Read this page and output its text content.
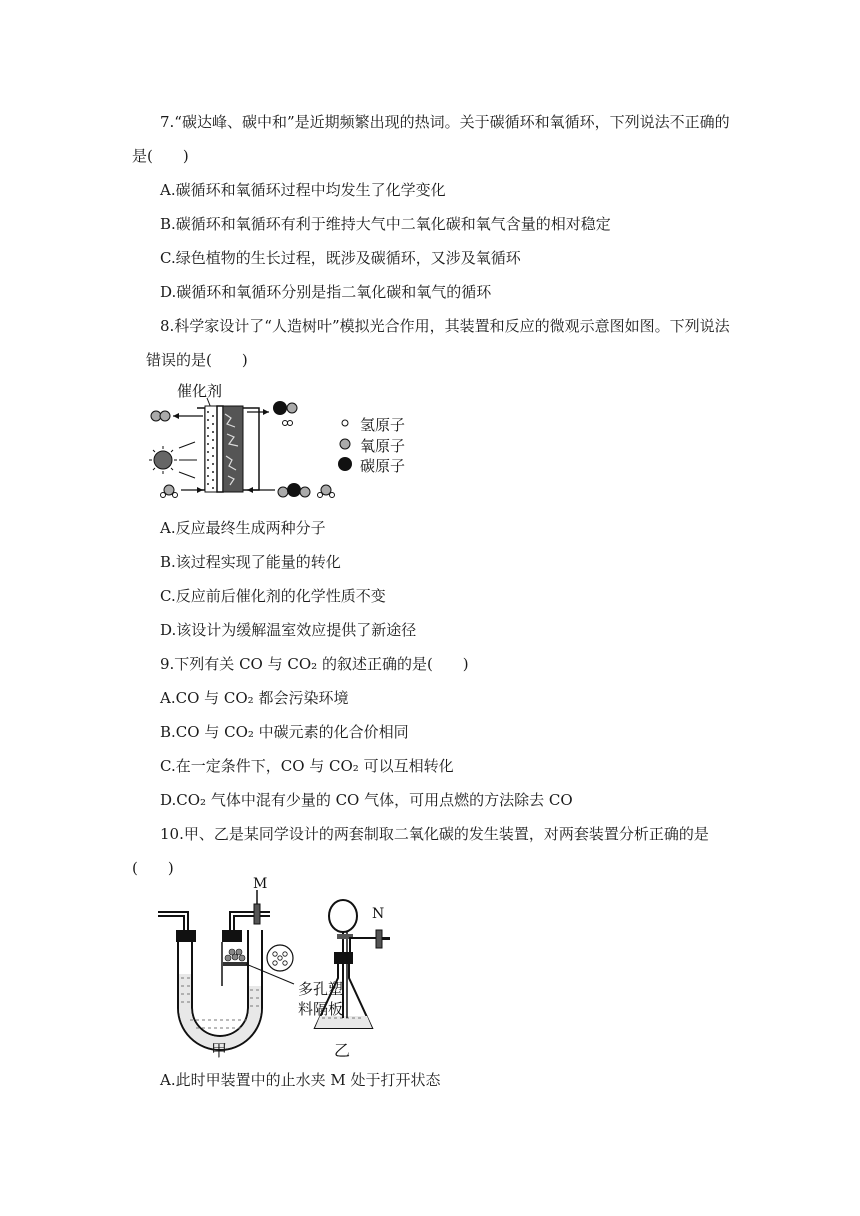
7.“碳达峰、碳中和”是近期频繁出现的热词。关于碳循环和氧循环，下列说法不正确的
是(　　)
A.碳循环和氧循环过程中均发生了化学变化
B.碳循环和氧循环有利于维持大气中二氧化碳和氧气含量的相对稳定
C.绿色植物的生长过程，既涉及碳循环，又涉及氧循环
D.碳循环和氧循环分别是指二氧化碳和氧气的循环
8.科学家设计了“人造树叶”模拟光合作用，其装置和反应的微观示意图如图。下列说法
错误的是(　　)
催化剂
氢原子
氧原子
碳原子
A.反应最终生成两种分子
B.该过程实现了能量的转化
C.反应前后催化剂的化学性质不变
D.该设计为缓解温室效应提供了新途径
9.下列有关 CO 与 CO₂ 的叙述正确的是(　　)
A.CO 与 CO₂ 都会污染环境
B.CO 与 CO₂ 中碳元素的化合价相同
C.在一定条件下，CO 与 CO₂ 可以互相转化
D.CO₂ 气体中混有少量的 CO 气体，可用点燃的方法除去 CO
10.甲、乙是某同学设计的两套制取二氧化碳的发生装置，对两套装置分析正确的是
(　　)
M
N
多孔塑
料隔板
甲	乙
A.此时甲装置中的止水夹 M 处于打开状态
